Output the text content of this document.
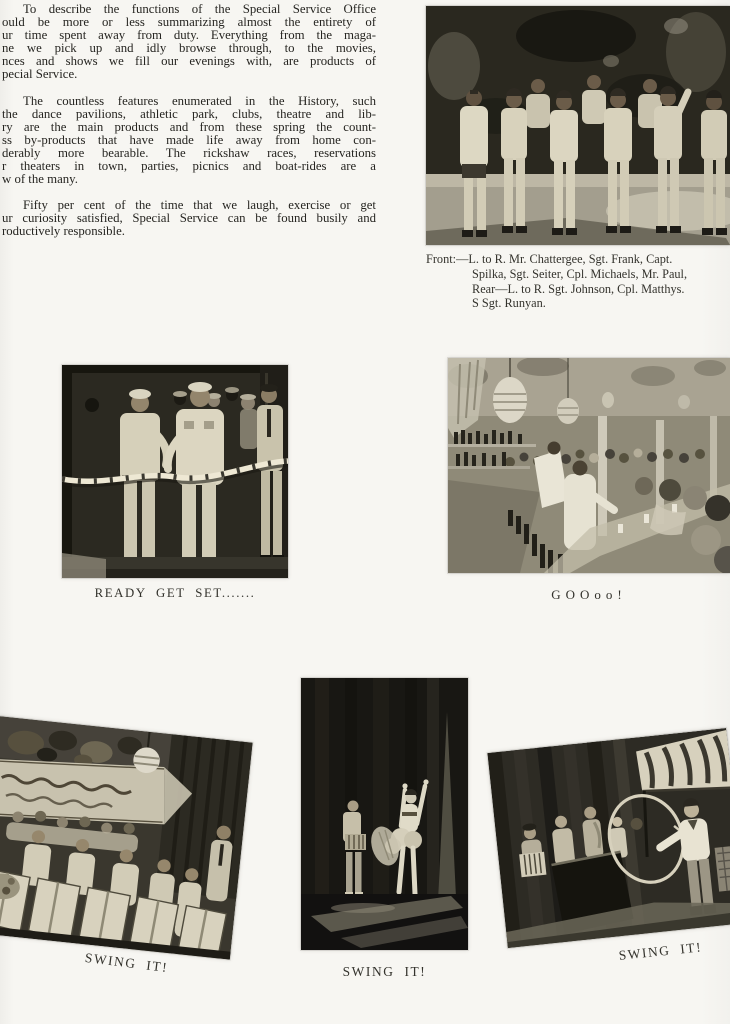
To describe the functions of the Special Service Office
ould be more or less summarizing almost the entirety of
ur time spent away from duty. Everything from the maga-
ne we pick up and idly browse through, to the movies,
nces and shows we fill our evenings with, are products of
pecial Service.
The countless features enumerated in the History, such
the dance pavilions, athletic park, clubs, theatre and lib-
ry are the main products and from these spring the count-
ss by-products that have made life away from home con-
derably more bearable. The rickshaw races, reservations
r theaters in town, parties, picnics and boat-rides are a
w of the many.
Fifty per cent of the time that we laugh, exercise or get
ur curiosity satisfied, Special Service can be found busily and
roductively responsible.
Front:—L. to R. Mr. Chattergee, Sgt. Frank, Capt.
Spilka, Sgt. Seiter, Cpl. Michaels, Mr. Paul,
Rear—L. to R. Sgt. Johnson, Cpl. Matthys.
S Sgt. Runyan.
READY GET SET.......	GOOoo!
SWING IT!	SWING IT!
SWING IT!
